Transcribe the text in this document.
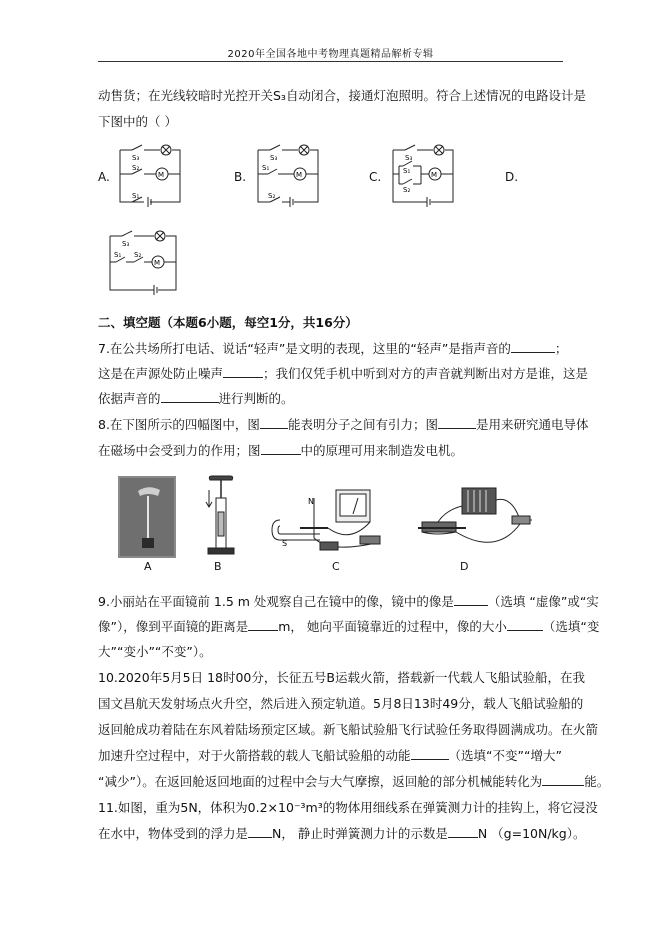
2020年全国各地中考物理真题精品解析专辑
动售货；在光线较暗时光控开关S₃自动闭合，接通灯泡照明。符合上述情况的电路设计是
下图中的（ ）
A.	B.	C.	D.
S₃
S₂
M
S₁
S₃
S₁
M
S₂
S₃
S₁	M
S₂
S₃
S₁ S₂
M
二、填空题（本题6小题，每空1分，共16分）
7.在公共场所打电话、说话“轻声”是文明的表现，这里的“轻声”是指声音的	；
这是在声源处防止噪声	；我们仅凭手机中听到对方的声音就判断出对方是谁，这是
依据声音的	进行判断的。
8.在下图所示的四幅图中，图 能表明分子之间有引力；图	是用来研究通电导体
在磁场中会受到力的作用；图	中的原理可用来制造发电机。
A	B
N
S
C	D
9.小丽站在平面镜前 1.5 m 处观察自己在镜中的像，镜中的像是	（选填 “虚像”或“实
像”），像到平面镜的距离是 m， 她向平面镜靠近的过程中，像的大小	（选填“变
大”“变小”“不变”）。
10.2020年5月5日 18时00分，长征五号B运载火箭，搭载新一代载人飞船试验船，在我
国文昌航天发射场点火升空，然后进入预定轨道。5月8日13时49分，载人飞船试验船的
返回舱成功着陆在东风着陆场预定区域。新飞船试验船飞行试验任务取得圆满成功。在火箭
加速升空过程中，对于火箭搭载的载人飞船试验船的动能	（选填“不变”“增大”
“减少”）。在返回舱返回地面的过程中会与大气摩擦，返回舱的部分机械能转化为	能。
11.如图，重为5N，体积为0.2×10⁻³m³的物体用细线系在弹簧测力计的挂钩上，将它浸没
在水中，物体受到的浮力是 N， 静止时弹簧测力计的示数是 N （g=10N/kg）。
